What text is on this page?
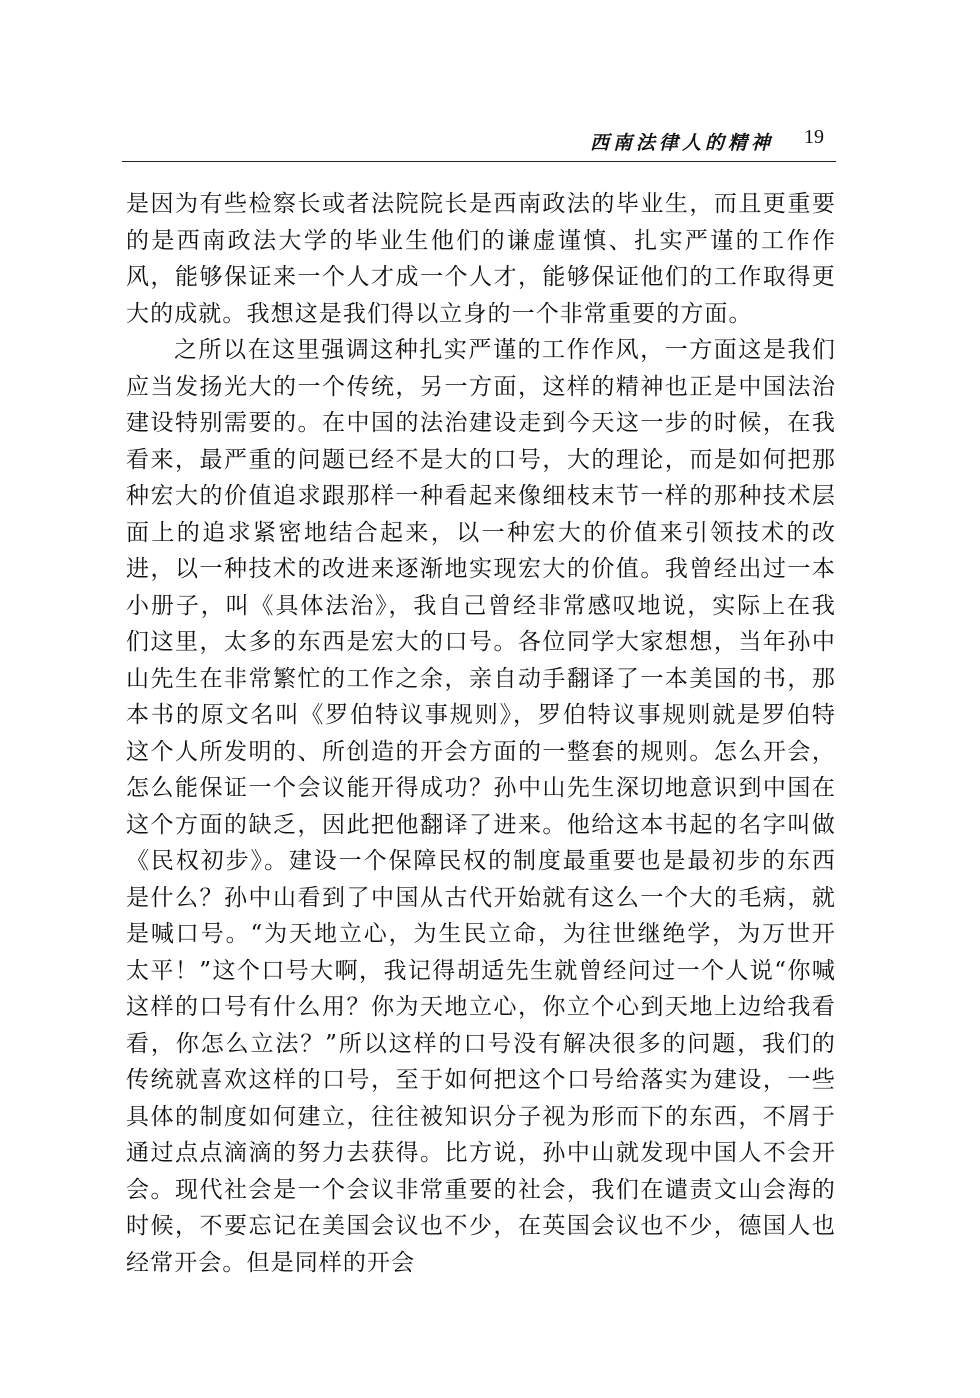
西南法律人的精神 19

是因为有些检察长或者法院院长是西南政法的毕业生，而且更重要的是西南政法大学的毕业生他们的谦虚谨慎、扎实严谨的工作作风，能够保证来一个人才成一个人才，能够保证他们的工作取得更大的成就。我想这是我们得以立身的一个非常重要的方面。

之所以在这里强调这种扎实严谨的工作作风，一方面这是我们应当发扬光大的一个传统，另一方面，这样的精神也正是中国法治建设特别需要的。在中国的法治建设走到今天这一步的时候，在我看来，最严重的问题已经不是大的口号，大的理论，而是如何把那种宏大的价值追求跟那样一种看起来像细枝末节一样的那种技术层面上的追求紧密地结合起来，以一种宏大的价值来引领技术的改进，以一种技术的改进来逐渐地实现宏大的价值。我曾经出过一本小册子，叫《具体法治》，我自己曾经非常感叹地说，实际上在我们这里，太多的东西是宏大的口号。各位同学大家想想，当年孙中山先生在非常繁忙的工作之余，亲自动手翻译了一本美国的书，那本书的原文名叫《罗伯特议事规则》，罗伯特议事规则就是罗伯特这个人所发明的、所创造的开会方面的一整套的规则。怎么开会，怎么能保证一个会议能开得成功？孙中山先生深切地意识到中国在这个方面的缺乏，因此把他翻译了进来。他给这本书起的名字叫做《民权初步》。建设一个保障民权的制度最重要也是最初步的东西是什么？孙中山看到了中国从古代开始就有这么一个大的毛病，就是喊口号。“为天地立心，为生民立命，为往世继绝学，为万世开太平！”这个口号大啊，我记得胡适先生就曾经问过一个人说“你喊这样的口号有什么用？你为天地立心，你立个心到天地上边给我看看，你怎么立法？”所以这样的口号没有解决很多的问题，我们的传统就喜欢这样的口号，至于如何把这个口号给落实为建设，一些具体的制度如何建立，往往被知识分子视为形而下的东西，不屑于通过点点滴滴的努力去获得。比方说，孙中山就发现中国人不会开会。现代社会是一个会议非常重要的社会，我们在谴责文山会海的时候，不要忘记在美国会议也不少，在英国会议也不少，德国人也经常开会。但是同样的开会
